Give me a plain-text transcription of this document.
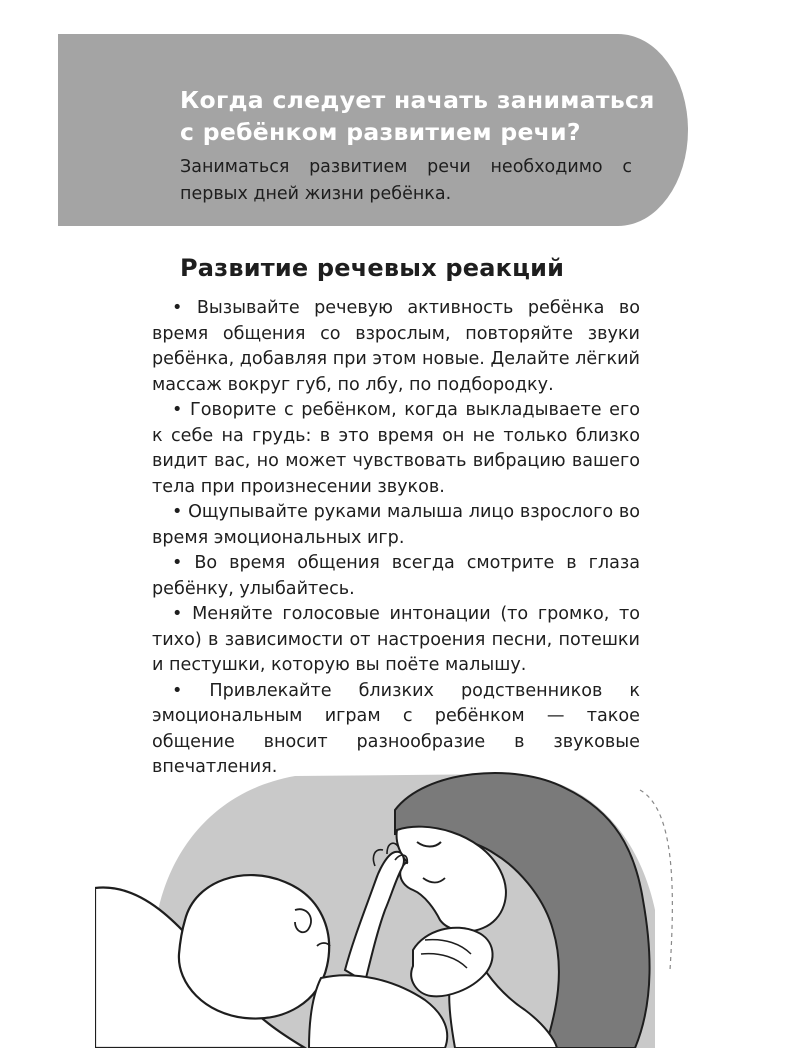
Когда следует начать заниматься с ребёнком развитием речи?

Заниматься развитием речи необходимо с первых дней жизни ребёнка.

Развитие речевых реакций
• Вызывайте речевую активность ребёнка во время общения со взрослым, повторяйте звуки ребёнка, добавляя при этом новые. Делайте лёгкий массаж вокруг губ, по лбу, по подбородку.
• Говорите с ребёнком, когда выкладываете его к себе на грудь: в это время он не только близко видит вас, но может чувствовать вибрацию вашего тела при произнесении звуков.
• Ощупывайте руками малыша лицо взрослого во время эмоциональных игр.
• Во время общения всегда смотрите в глаза ребёнку, улыбайтесь.
• Меняйте голосовые интонации (то громко, то тихо) в зависимости от настроения песни, потешки и пестушки, которую вы поёте малышу.
• Привлекайте близких родственников к эмоциональным играм с ребёнком — такое общение вносит разнообразие в звуковые впечатления.
